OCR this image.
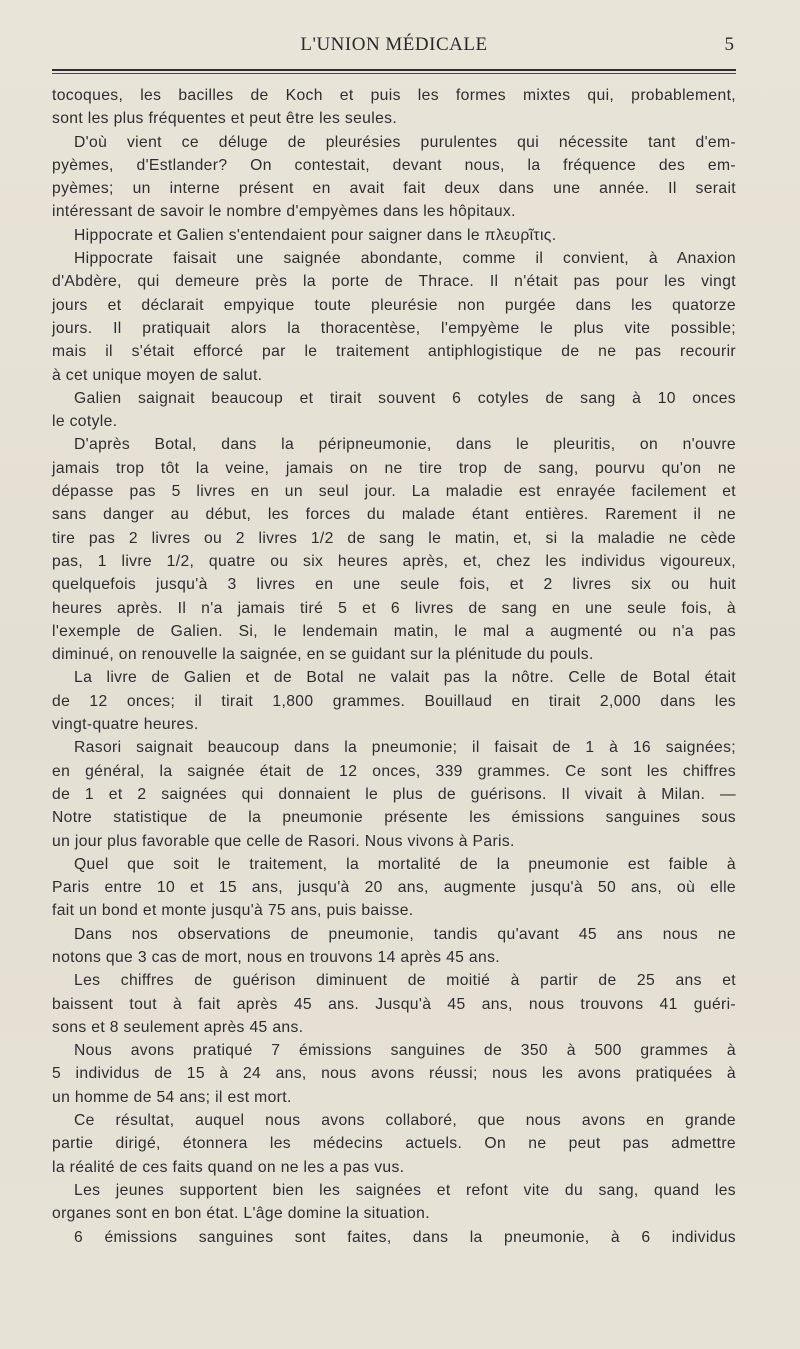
L'UNION MÉDICALE	5
tocoques, les bacilles de Koch et puis les formes mixtes qui, probablement,
sont les plus fréquentes et peut être les seules.
D'où vient ce déluge de pleurésies purulentes qui nécessite tant d'em-
pyèmes, d'Estlander? On contestait, devant nous, la fréquence des em-
pyèmes; un interne présent en avait fait deux dans une année. Il serait
intéressant de savoir le nombre d'empyèmes dans les hôpitaux.
Hippocrate et Galien s'entendaient pour saigner dans le πλευρῖτις.
Hippocrate faisait une saignée abondante, comme il convient, à Anaxion
d'Abdère, qui demeure près la porte de Thrace. Il n'était pas pour les vingt
jours et déclarait empyique toute pleurésie non purgée dans les quatorze
jours. Il pratiquait alors la thoracentèse, l'empyème le plus vite possible;
mais il s'était efforcé par le traitement antiphlogistique de ne pas recourir
à cet unique moyen de salut.
Galien saignait beaucoup et tirait souvent 6 cotyles de sang à 10 onces
le cotyle.
D'après Botal, dans la péripneumonie, dans le pleuritis, on n'ouvre
jamais trop tôt la veine, jamais on ne tire trop de sang, pourvu qu'on ne
dépasse pas 5 livres en un seul jour. La maladie est enrayée facilement et
sans danger au début, les forces du malade étant entières. Rarement il ne
tire pas 2 livres ou 2 livres 1/2 de sang le matin, et, si la maladie ne cède
pas, 1 livre 1/2, quatre ou six heures après, et, chez les individus vigoureux,
quelquefois jusqu'à 3 livres en une seule fois, et 2 livres six ou huit
heures après. Il n'a jamais tiré 5 et 6 livres de sang en une seule fois, à
l'exemple de Galien. Si, le lendemain matin, le mal a augmenté ou n'a pas
diminué, on renouvelle la saignée, en se guidant sur la plénitude du pouls.
La livre de Galien et de Botal ne valait pas la nôtre. Celle de Botal était
de 12 onces; il tirait 1,800 grammes. Bouillaud en tirait 2,000 dans les
vingt-quatre heures.
Rasori saignait beaucoup dans la pneumonie; il faisait de 1 à 16 saignées;
en général, la saignée était de 12 onces, 339 grammes. Ce sont les chiffres
de 1 et 2 saignées qui donnaient le plus de guérisons. Il vivait à Milan. —
Notre statistique de la pneumonie présente les émissions sanguines sous
un jour plus favorable que celle de Rasori. Nous vivons à Paris.
Quel que soit le traitement, la mortalité de la pneumonie est faible à
Paris entre 10 et 15 ans, jusqu'à 20 ans, augmente jusqu'à 50 ans, où elle
fait un bond et monte jusqu'à 75 ans, puis baisse.
Dans nos observations de pneumonie, tandis qu'avant 45 ans nous ne
notons que 3 cas de mort, nous en trouvons 14 après 45 ans.
Les chiffres de guérison diminuent de moitié à partir de 25 ans et
baissent tout à fait après 45 ans. Jusqu'à 45 ans, nous trouvons 41 guéri-
sons et 8 seulement après 45 ans.
Nous avons pratiqué 7 émissions sanguines de 350 à 500 grammes à
5 individus de 15 à 24 ans, nous avons réussi; nous les avons pratiquées à
un homme de 54 ans; il est mort.
Ce résultat, auquel nous avons collaboré, que nous avons en grande
partie dirigé, étonnera les médecins actuels. On ne peut pas admettre
la réalité de ces faits quand on ne les a pas vus.
Les jeunes supportent bien les saignées et refont vite du sang, quand les
organes sont en bon état. L'âge domine la situation.
6 émissions sanguines sont faites, dans la pneumonie, à 6 individus
